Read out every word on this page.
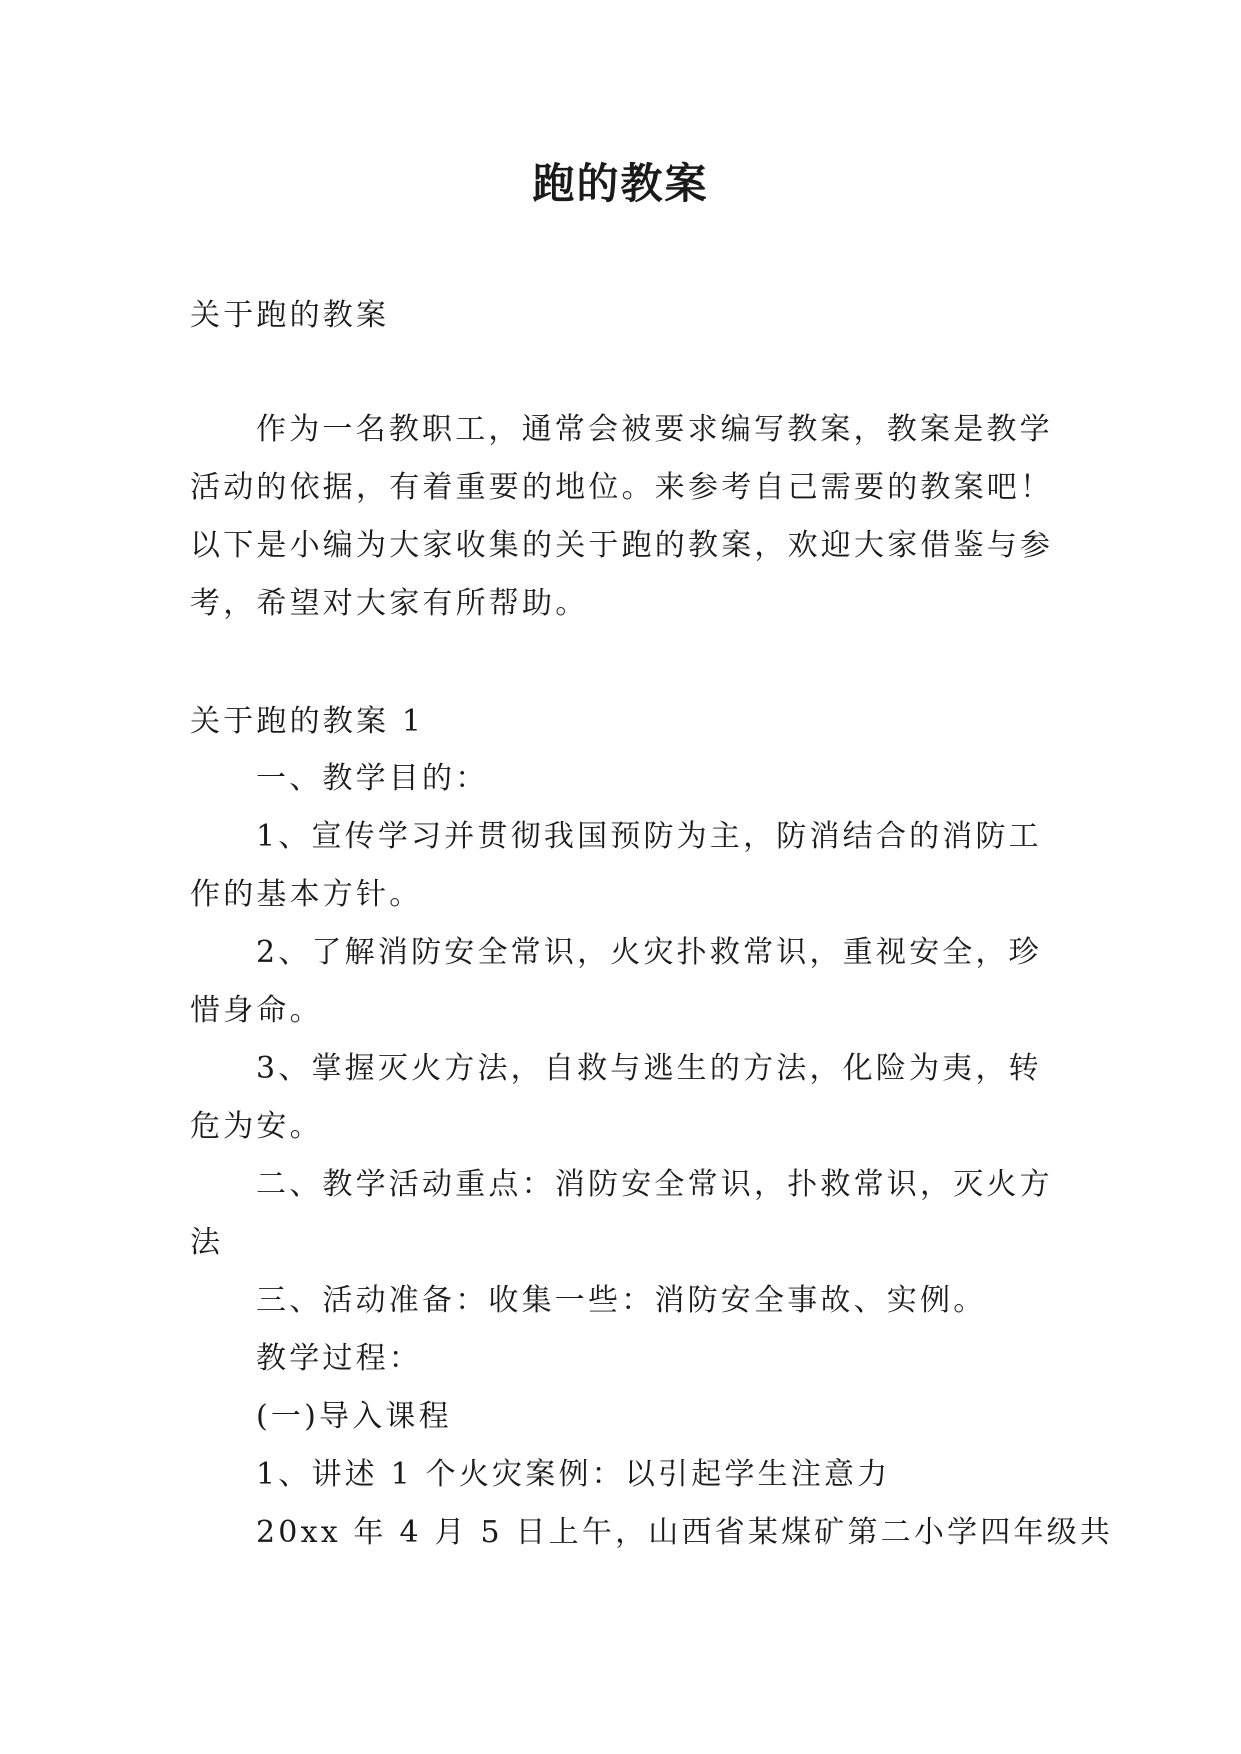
跑的教案
关于跑的教案
作为一名教职工，通常会被要求编写教案，教案是教学
活动的依据，有着重要的地位。来参考自己需要的教案吧！
以下是小编为大家收集的关于跑的教案，欢迎大家借鉴与参
考，希望对大家有所帮助。
关于跑的教案 1
一、教学目的：
1、宣传学习并贯彻我国预防为主，防消结合的消防工
作的基本方针。
2、了解消防安全常识，火灾扑救常识，重视安全，珍
惜身命。
3、掌握灭火方法，自救与逃生的方法，化险为夷，转
危为安。
二、教学活动重点：消防安全常识，扑救常识，灭火方
法
三、活动准备：收集一些：消防安全事故、实例。
教学过程：
(一)导入课程
1、讲述 1 个火灾案例：以引起学生注意力
20xx 年 4 月 5 日上午，山西省某煤矿第二小学四年级共
